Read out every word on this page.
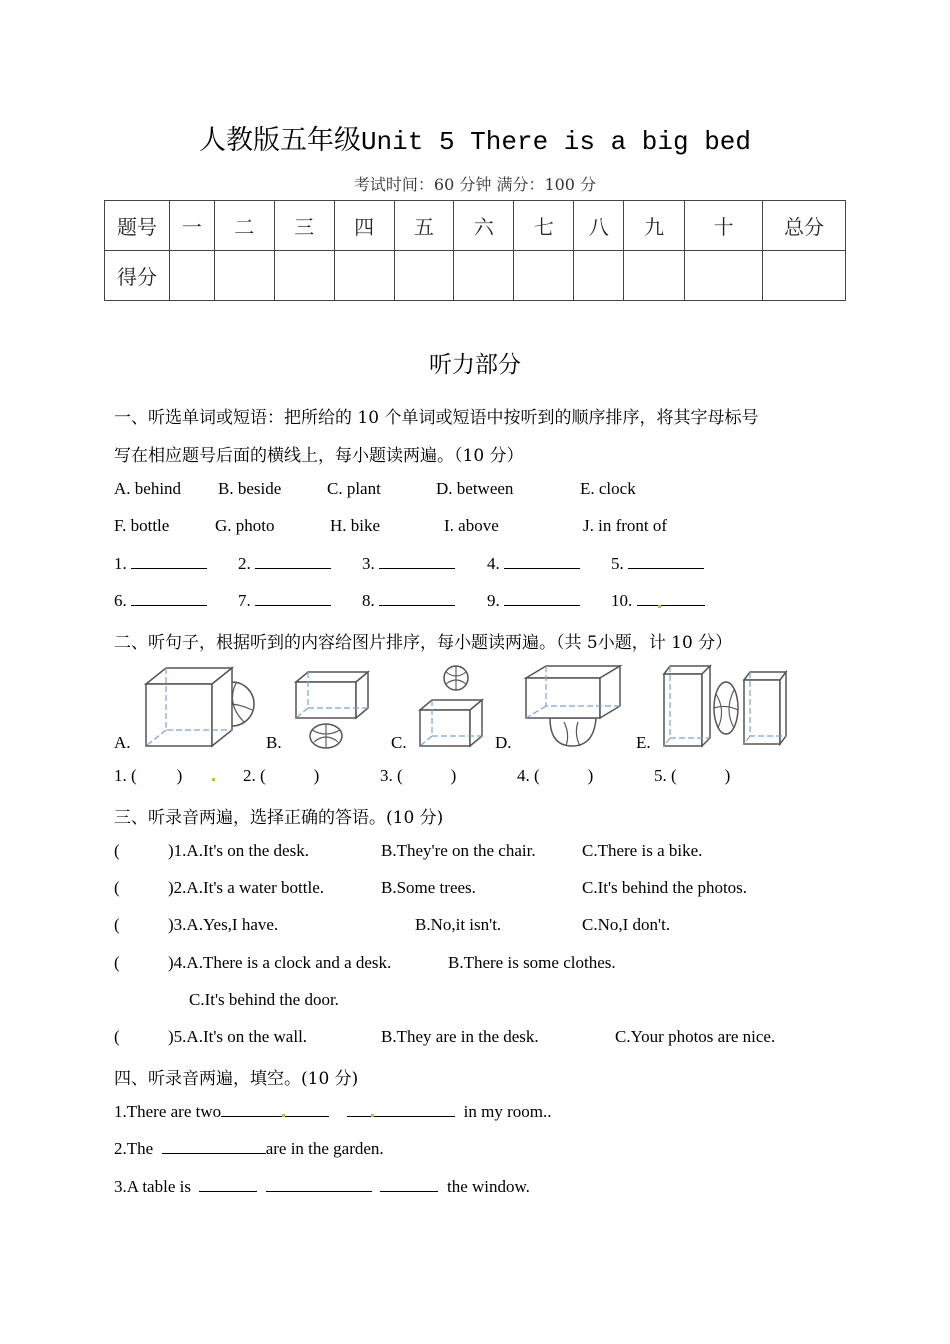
人教版五年级Unit 5 There is a big bed
考试时间：60 分钟 满分：100 分
题号	一	二	三	四	五	六	七	八	九	十	总分
得分											
听力部分
一、听选单词或短语：把所给的 10 个单词或短语中按听到的顺序排序，将其字母标号
写在相应题号后面的横线上，每小题读两遍。（10 分）
A. behind B. beside	C. plant	D. between	E. clock
F. bottle	G. photo	H. bike	I. above	J. in front of
1.	2.	3.	4.	5.
6.	7.	8.	9.	10.
二、听句子，根据听到的内容给图片排序，每小题读两遍。（共 5小题，计 10 分）
A.	B.	C.	D.	E.
1. ( )	2. (	)	3. (	)	4. (	)	5. (	)
三、听录音两遍，选择正确的答语。(10 分)
(	)1.A.It's on the desk.	B.They're on the chair.	C.There is a bike.
(	)2.A.It's a water bottle.	B.Some trees.	C.It's behind the photos.
(	)3.A.Yes,I have.	B.No,it isn't.	C.No,I don't.
(	)4.A.There is a clock and a desk.	B.There is some clothes.
C.It's behind the door.
(	)5.A.It's on the wall.	B.They are in the desk.	C.Your photos are nice.
四、听录音两遍，填空。(10 分)
1.There are two	in my room..
2.The	are in the garden.
3.A table is	the window.
